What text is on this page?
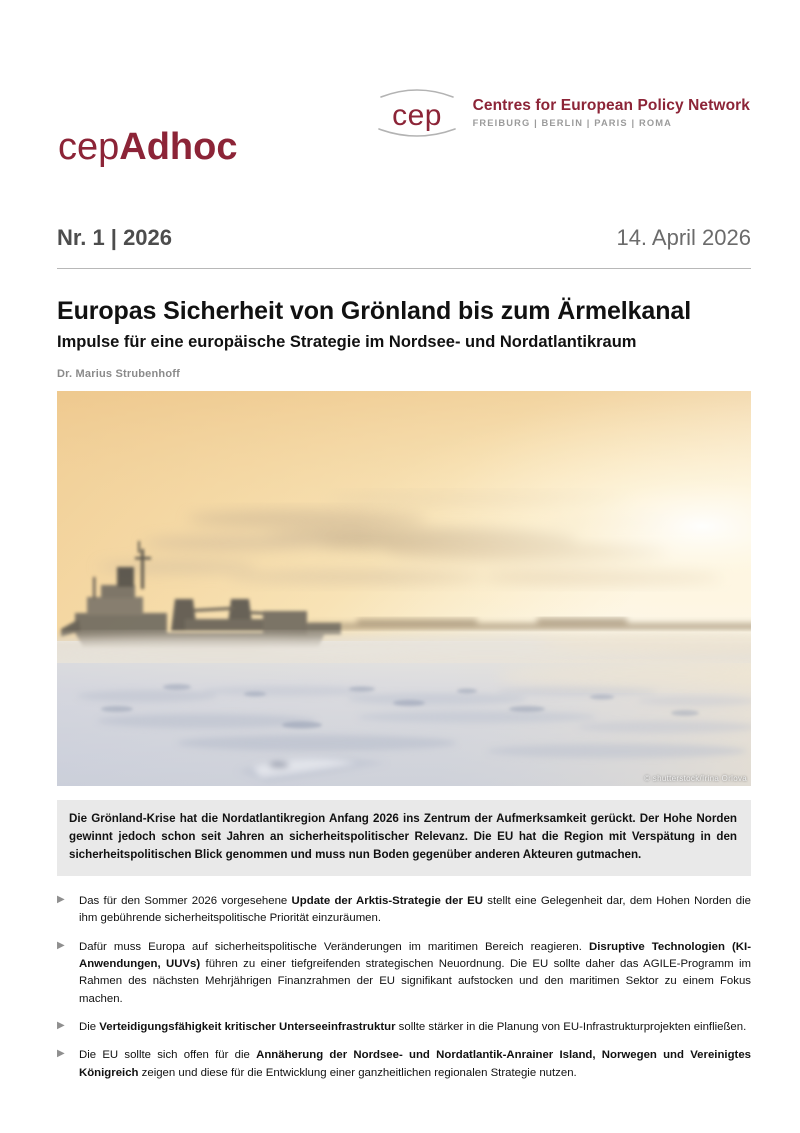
cep Centres for European Policy Network
FREIBURG | BERLIN | PARIS | ROMA
cepAdhoc
Nr. 1 | 2026	14. April 2026
Europas Sicherheit von Grönland bis zum Ärmelkanal
Impulse für eine europäische Strategie im Nordsee- und Nordatlantikraum
Dr. Marius Strubenhoff
© shutterstock/Irina Orlova

Die Grönland-Krise hat die Nordatlantikregion Anfang 2026 ins Zentrum der Aufmerksamkeit gerückt. Der Hohe Norden gewinnt jedoch schon seit Jahren an sicherheitspolitischer Relevanz. Die EU hat die Region mit Verspätung in den sicherheitspolitischen Blick genommen und muss nun Boden gegenüber anderen Akteuren gutmachen.

▶	Das für den Sommer 2026 vorgesehene Update der Arktis-Strategie der EU stellt eine Gelegenheit dar, dem Hohen Norden die ihm gebührende sicherheitspolitische Priorität einzuräumen.
▶	Dafür muss Europa auf sicherheitspolitische Veränderungen im maritimen Bereich reagieren. Disruptive Technologien (KI-Anwendungen, UUVs) führen zu einer tiefgreifenden strategischen Neuordnung. Die EU sollte daher das AGILE-Programm im Rahmen des nächsten Mehrjährigen Finanzrahmen der EU signifikant aufstocken und den maritimen Sektor zu einem Fokus machen.
▶	Die Verteidigungsfähigkeit kritischer Unterseeinfrastruktur sollte stärker in die Planung von EU-Infrastrukturprojekten einfließen.
▶	Die EU sollte sich offen für die Annäherung der Nordsee- und Nordatlantik-Anrainer Island, Norwegen und Vereinigtes Königreich zeigen und diese für die Entwicklung einer ganzheitlichen regionalen Strategie nutzen.
